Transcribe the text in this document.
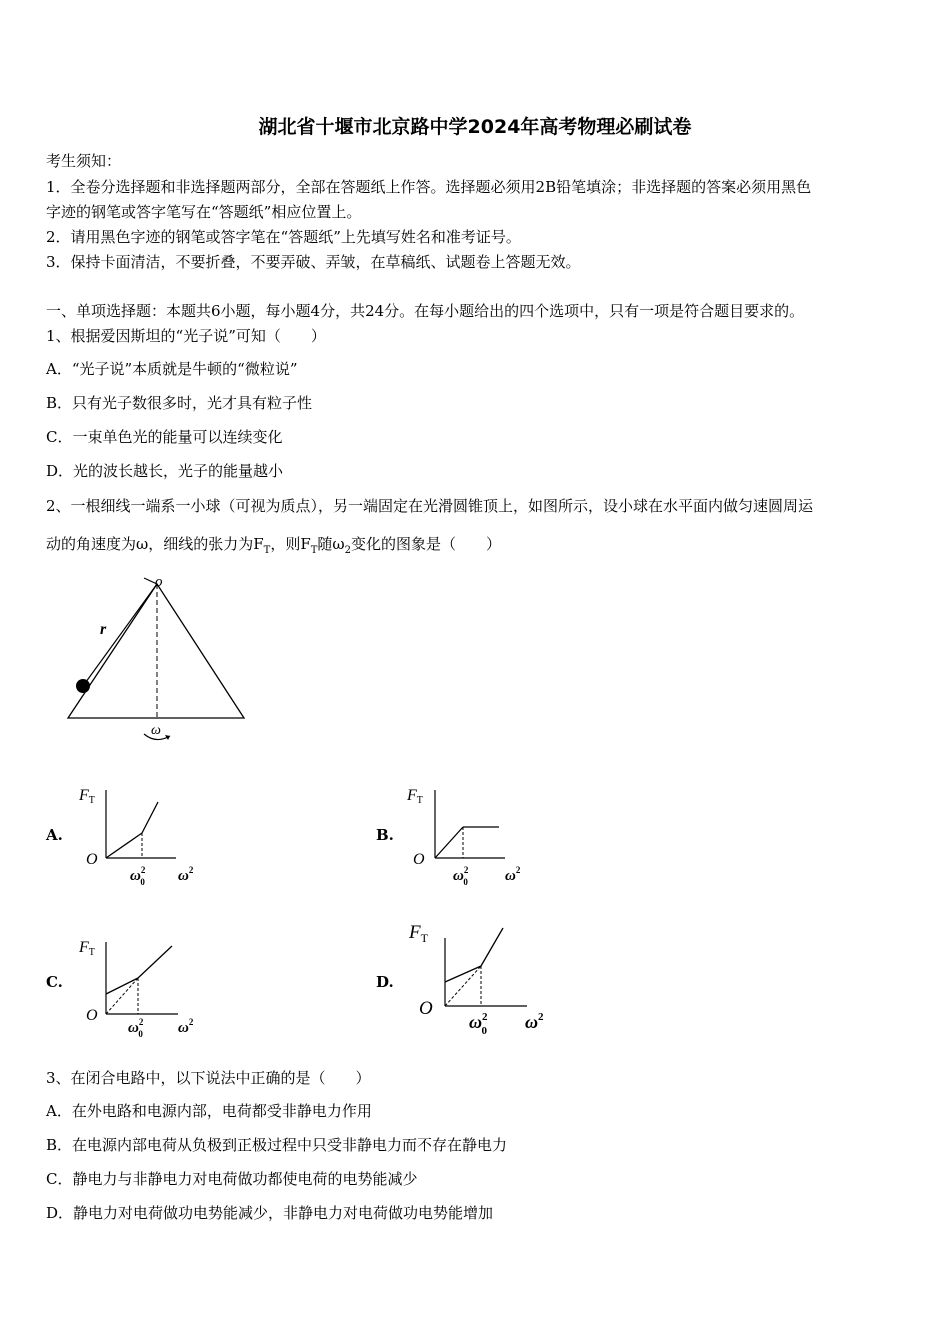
湖北省十堰市北京路中学2024年高考物理必刷试卷
考生须知：
1．全卷分选择题和非选择题两部分，全部在答题纸上作答。选择题必须用2B铅笔填涂；非选择题的答案必须用黑色
字迹的钢笔或答字笔写在“答题纸”相应位置上。
2．请用黑色字迹的钢笔或答字笔在“答题纸”上先填写姓名和准考证号。
3．保持卡面清洁，不要折叠，不要弄破、弄皱，在草稿纸、试题卷上答题无效。
一、单项选择题：本题共6小题，每小题4分，共24分。在每小题给出的四个选项中，只有一项是符合题目要求的。
1、根据爱因斯坦的“光子说”可知（　　）
A．“光子说”本质就是牛顿的“微粒说”
B．只有光子数很多时，光才具有粒子性
C．一束单色光的能量可以连续变化
D．光的波长越长，光子的能量越小
2、一根细线一端系一小球（可视为质点），另一端固定在光滑圆锥顶上，如图所示，设小球在水平面内做匀速圆周运
动的角速度为ω，细线的张力为$F_T$，则$F_T$随$\omega_2$变化的图象是（　　）
o
r
ω
A.	B.
C.	D.
FT
O
$\omega^2$ 0 $\omega^2$
FT
O
$\omega^2$ 0 $\omega^2$
FT
O
$\omega^2$ 0 $\omega^2$
$F_T$
O
$\omega^2$ 0 $\omega^2$
3、在闭合电路中，以下说法中正确的是（　　）
A．在外电路和电源内部，电荷都受非静电力作用
B．在电源内部电荷从负极到正极过程中只受非静电力而不存在静电力
C．静电力与非静电力对电荷做功都使电荷的电势能减少
D．静电力对电荷做功电势能减少，非静电力对电荷做功电势能增加
